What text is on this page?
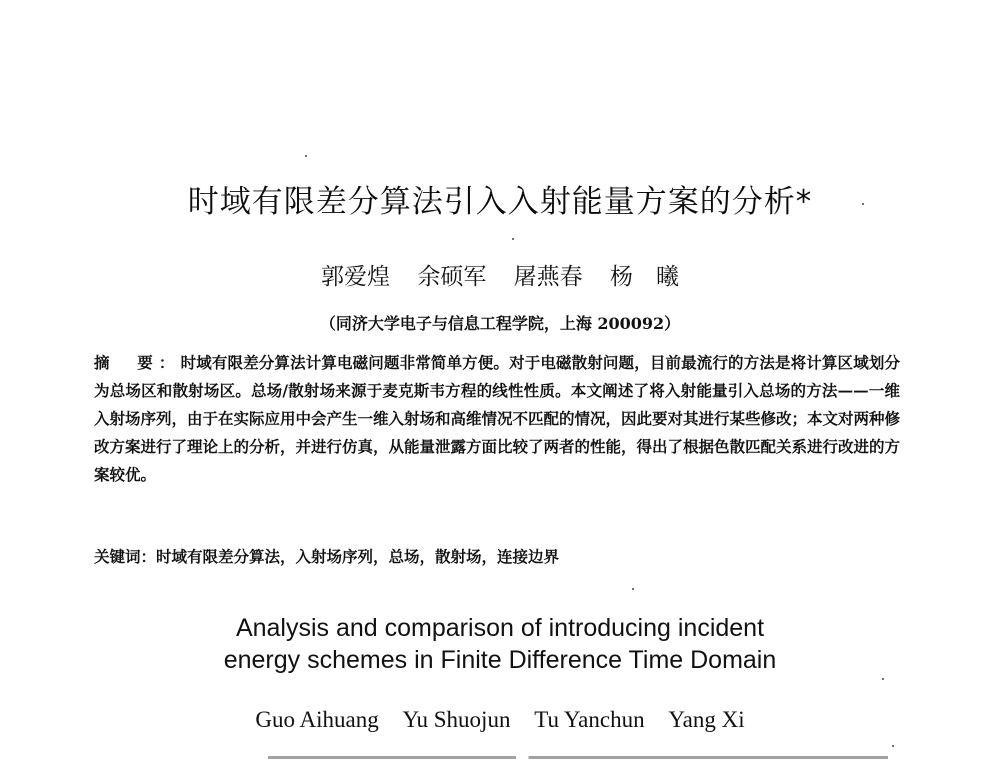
时域有限差分算法引入入射能量方案的分析*
郭爱煌 余硕军 屠燕春 杨　曦
（同济大学电子与信息工程学院，上海 200092）
摘　要：时域有限差分算法计算电磁问题非常简单方便。对于电磁散射问题，目前最流行的方法是将计算区域划分为总场区和散射场区。总场/散射场来源于麦克斯韦方程的线性性质。本文阐述了将入射能量引入总场的方法——一维入射场序列，由于在实际应用中会产生一维入射场和高维情况不匹配的情况，因此要对其进行某些修改；本文对两种修改方案进行了理论上的分析，并进行仿真，从能量泄露方面比较了两者的性能，得出了根据色散匹配关系进行改进的方案较优。
关键词：时域有限差分算法，入射场序列，总场，散射场，连接边界
Analysis and comparison of introducing incident
energy schemes in Finite Difference Time Domain
Guo Aihuang Yu Shuojun Tu Yanchun Yang Xi
